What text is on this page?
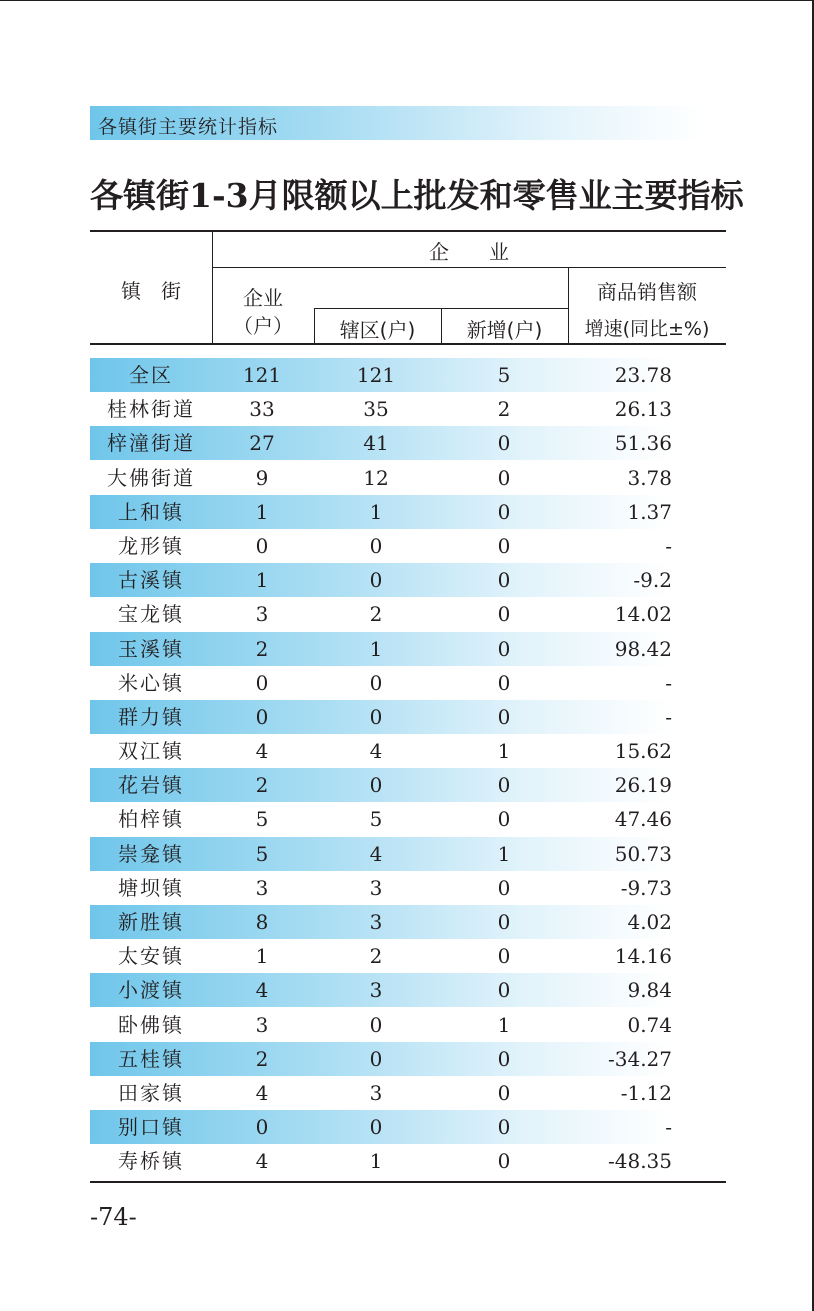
各镇街主要统计指标
各镇街1-3月限额以上批发和零售业主要指标
镇　街
企　　业
企业
（户）	辖区(户)	新增(户)
商品销售额
增速(同比±%)
全区	121	121	5	23.78
桂林街道	33	35	2	26.13
梓潼街道	27	41	0	51.36
大佛街道	9	12	0	3.78
上和镇	1	1	0	1.37
龙形镇	0	0	0	-
古溪镇	1	0	0	-9.2
宝龙镇	3	2	0	14.02
玉溪镇	2	1	0	98.42
米心镇	0	0	0	-
群力镇	0	0	0	-
双江镇	4	4	1	15.62
花岩镇	2	0	0	26.19
柏梓镇	5	5	0	47.46
崇龛镇	5	4	1	50.73
塘坝镇	3	3	0	-9.73
新胜镇	8	3	0	4.02
太安镇	1	2	0	14.16
小渡镇	4	3	0	9.84
卧佛镇	3	0	1	0.74
五桂镇	2	0	0	-34.27
田家镇	4	3	0	-1.12
别口镇	0	0	0	-
寿桥镇	4	1	0	-48.35
-74-
